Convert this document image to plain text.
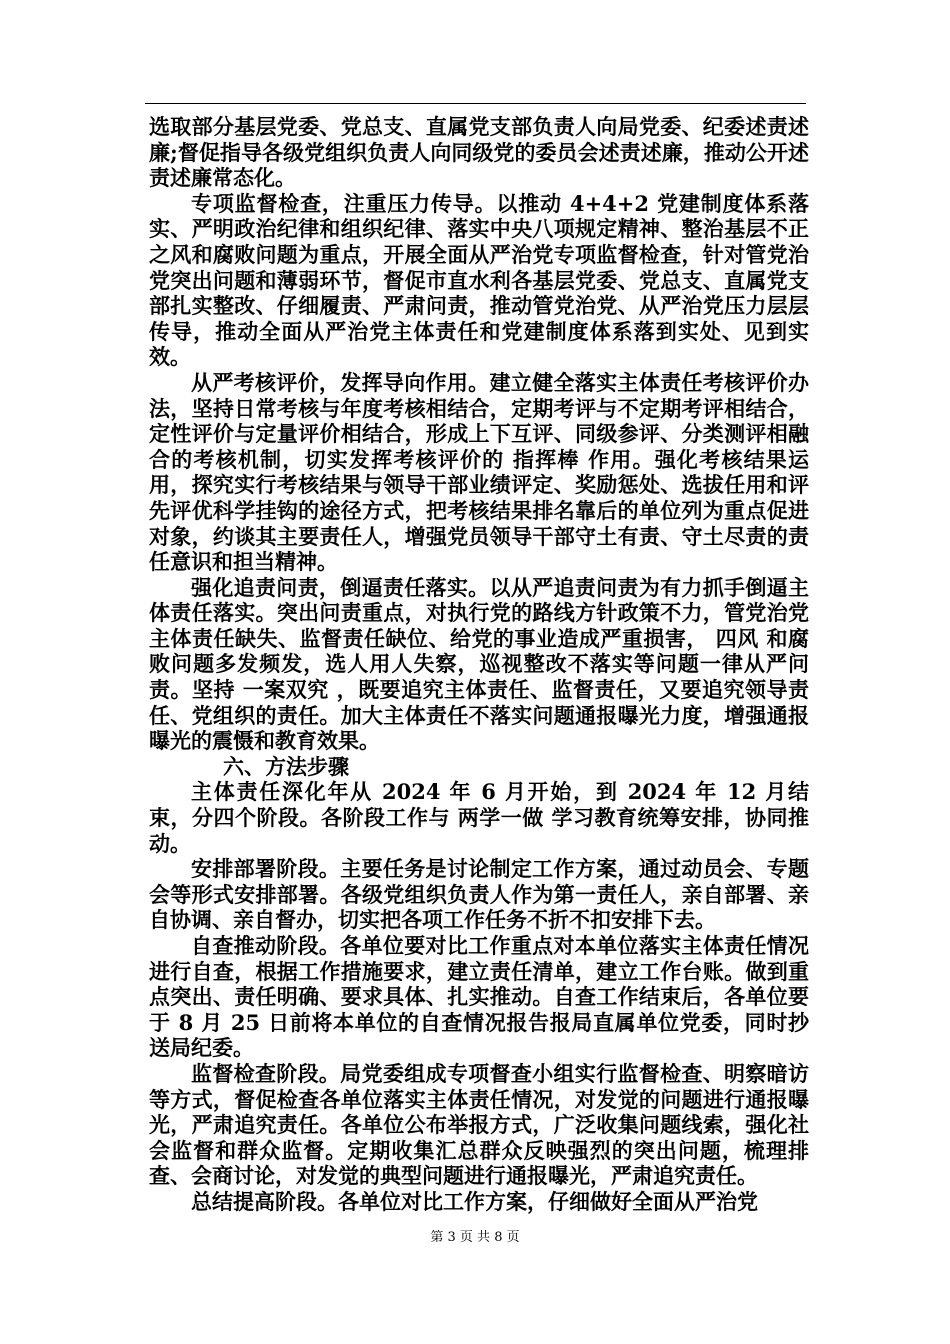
选取部分基层党委、党总支、直属党支部负责人向局党委、纪委述责述廉;督促指导各级党组织负责人向同级党的委员会述责述廉，推动公开述责述廉常态化。

专项监督检查，注重压力传导。以推动 4+4+2 党建制度体系落实、严明政治纪律和组织纪律、落实中央八项规定精神、整治基层不正之风和腐败问题为重点，开展全面从严治党专项监督检查，针对管党治党突出问题和薄弱环节，督促市直水利各基层党委、党总支、直属党支部扎实整改、仔细履责、严肃问责，推动管党治党、从严治党压力层层传导，推动全面从严治党主体责任和党建制度体系落到实处、见到实效。

从严考核评价，发挥导向作用。建立健全落实主体责任考核评价办法，坚持日常考核与年度考核相结合，定期考评与不定期考评相结合，定性评价与定量评价相结合，形成上下互评、同级参评、分类测评相融合的考核机制，切实发挥考核评价的 指挥棒 作用。强化考核结果运用，探究实行考核结果与领导干部业绩评定、奖励惩处、选拔任用和评先评优科学挂钩的途径方式，把考核结果排名靠后的单位列为重点促进对象，约谈其主要责任人，增强党员领导干部守土有责、守土尽责的责任意识和担当精神。

强化追责问责，倒逼责任落实。以从严追责问责为有力抓手倒逼主体责任落实。突出问责重点，对执行党的路线方针政策不力，管党治党主体责任缺失、监督责任缺位、给党的事业造成严重损害， 四风 和腐败问题多发频发，选人用人失察，巡视整改不落实等问题一律从严问责。坚持 一案双究 ，既要追究主体责任、监督责任，又要追究领导责任、党组织的责任。加大主体责任不落实问题通报曝光力度，增强通报曝光的震慑和教育效果。

六、方法步骤

主体责任深化年从 2024 年 6 月开始，到 2024 年 12 月结束，分四个阶段。各阶段工作与 两学一做 学习教育统筹安排，协同推动。

安排部署阶段。主要任务是讨论制定工作方案，通过动员会、专题会等形式安排部署。各级党组织负责人作为第一责任人，亲自部署、亲自协调、亲自督办，切实把各项工作任务不折不扣安排下去。

自查推动阶段。各单位要对比工作重点对本单位落实主体责任情况进行自查，根据工作措施要求，建立责任清单，建立工作台账。做到重点突出、责任明确、要求具体、扎实推动。自查工作结束后，各单位要于 8 月 25 日前将本单位的自查情况报告报局直属单位党委，同时抄送局纪委。

监督检查阶段。局党委组成专项督查小组实行监督检查、明察暗访等方式，督促检查各单位落实主体责任情况，对发觉的问题进行通报曝光，严肃追究责任。各单位公布举报方式，广泛收集问题线索，强化社会监督和群众监督。定期收集汇总群众反映强烈的突出问题，梳理排查、会商讨论，对发觉的典型问题进行通报曝光，严肃追究责任。

总结提高阶段。各单位对比工作方案，仔细做好全面从严治党

第 3 页 共 8 页
